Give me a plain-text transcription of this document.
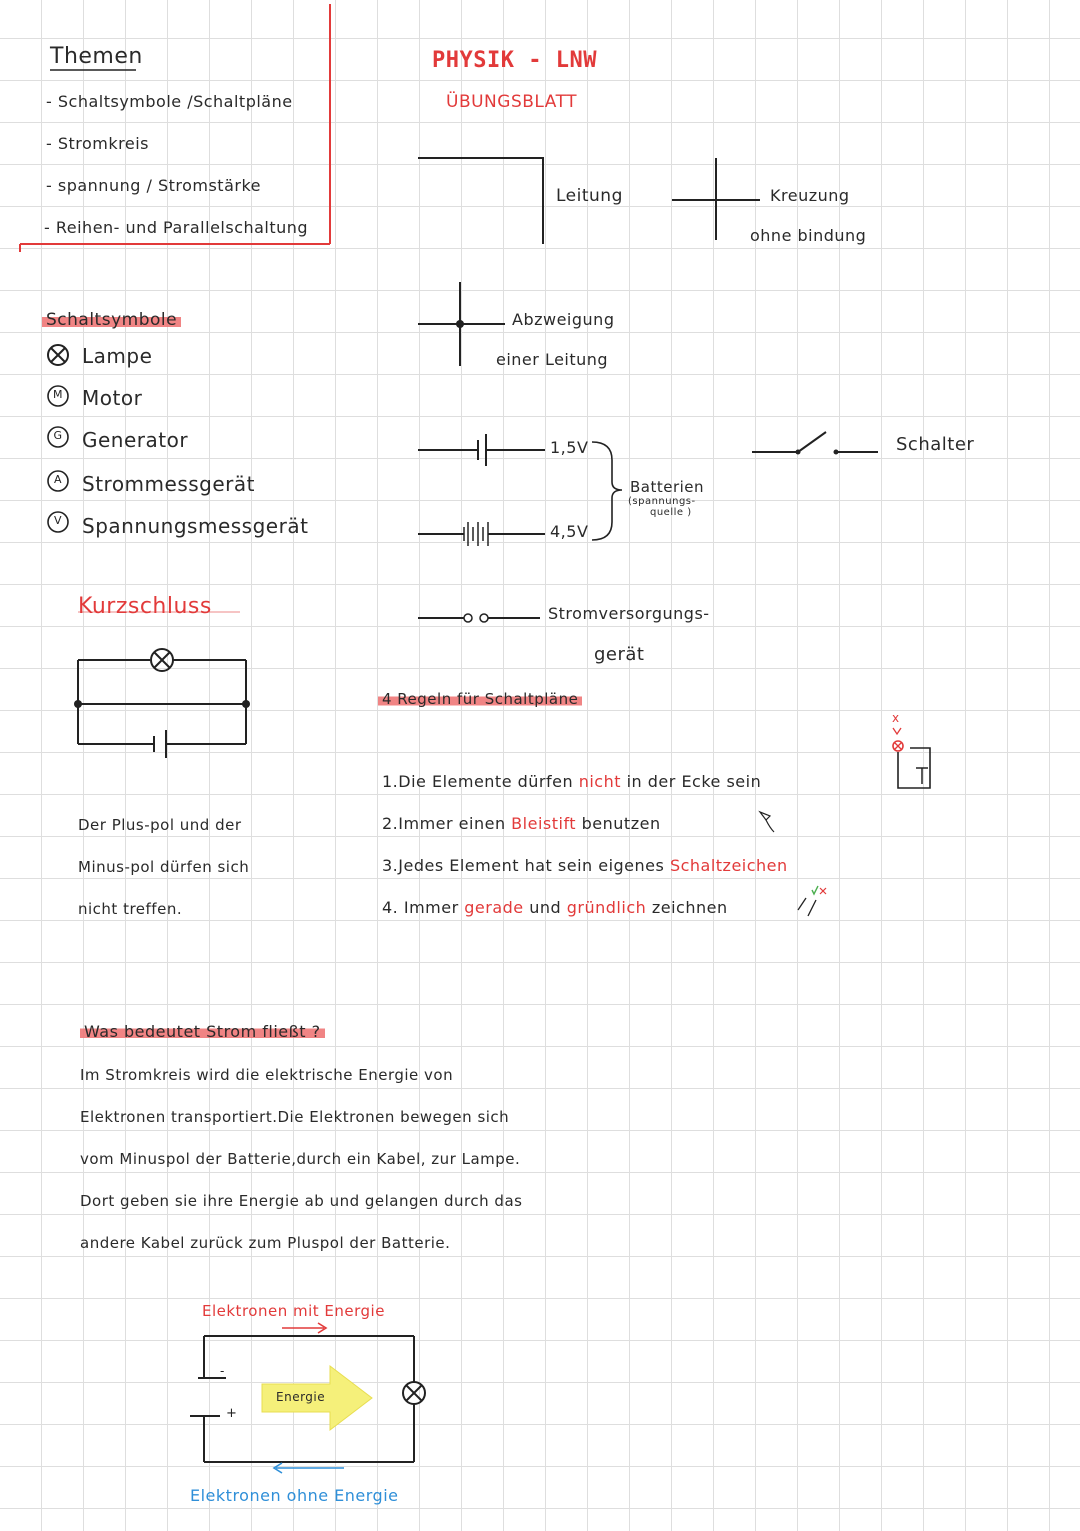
Themen
- Schaltsymbole /Schaltpläne
- Stromkreis
- spannung / Stromstärke
- Reihen- und Parallelschaltung
PHYSIK - LNW
ÜBUNGSBLATT
x
Leitung	Kreuzung
ohne bindung
Abzweigung
einer Leitung
1,5V
4,5V
Batterien
(spannungs-
quelle )
Schalter
Stromversorgungs-
gerät
Schaltsymbole
M
G
A
V
Lampe
Motor
Generator
Strommessgerät
Spannungsmessgerät
Kurzschluss
Der Plus-pol und der
Minus-pol dürfen sich
nicht treffen.
4 Regeln für Schaltpläne
1.Die Elemente dürfen nicht in der Ecke sein
2.Immer einen Bleistift benutzen
3.Jedes Element hat sein eigenes Schaltzeichen
4. Immer gerade und gründlich zeichnen
Was bedeutet Strom fließt ?
Im Stromkreis wird die elektrische Energie von
Elektronen transportiert.Die Elektronen bewegen sich
vom Minuspol der Batterie,durch ein Kabel, zur Lampe.
Dort geben sie ihre Energie ab und gelangen durch das
andere Kabel zurück zum Pluspol der Batterie.
Elektronen mit Energie
-
+
Energie
Elektronen ohne Energie
